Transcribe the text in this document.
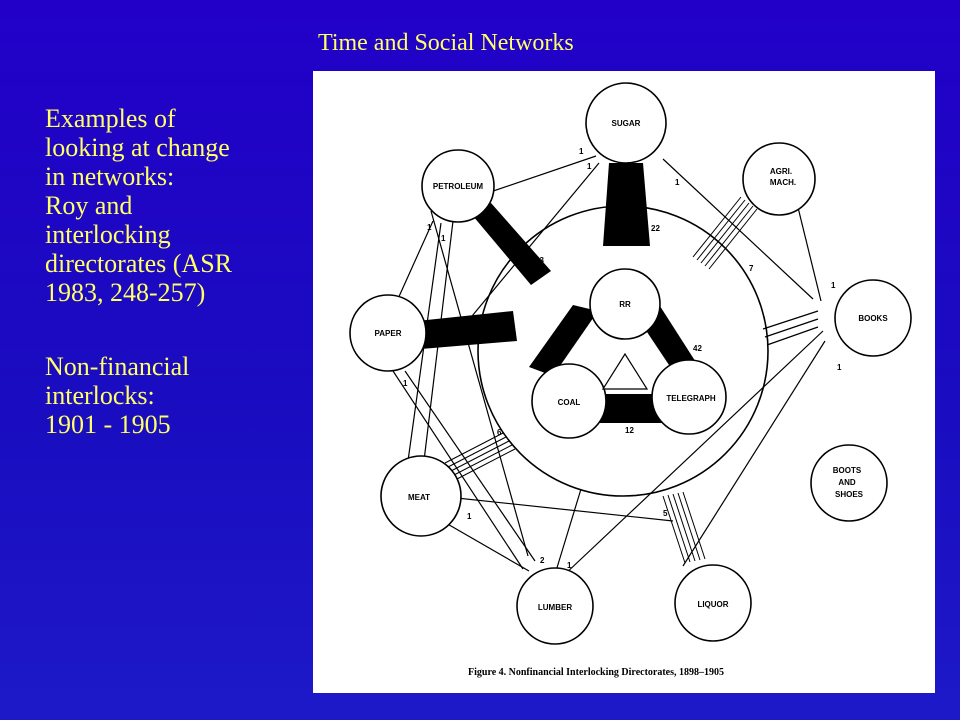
Time and Social Networks
Examples of
looking at change
in networks:
Roy and
interlocking
directorates (ASR
1983, 248-257)
Non-financial
interlocks:
1901 - 1905
SUGAR
PETROLEUM
AGRI.
MACH.
PAPER
BOOKS
RR
COAL	TELEGRAPH
MEAT
BOOTS
AND
SHOES
LUMBER	LIQUOR
22
13
24
7
6
5
83
42
12
1
1
1
1
1
1
1
1
1
2
1
Figure 4. Nonfinancial Interlocking Directorates, 1898–1905
